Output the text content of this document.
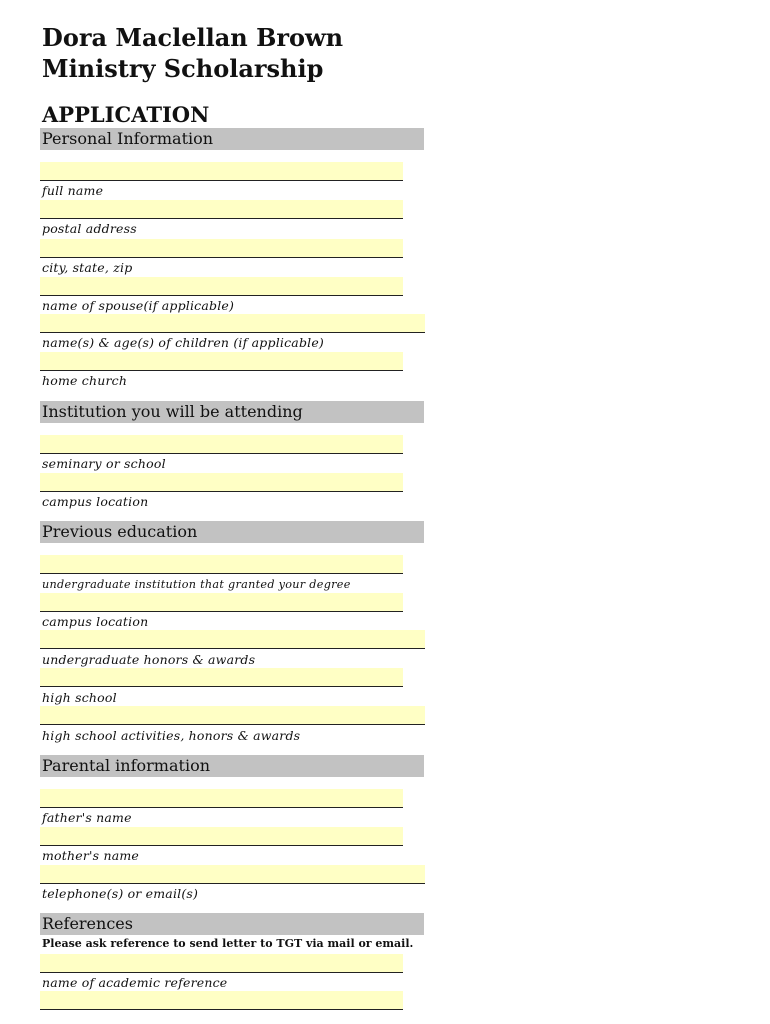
Dora Maclellan Brown
Ministry Scholarship
APPLICATION
Personal Information
full name
postal address
city, state, zip
name of spouse(if applicable)
name(s) & age(s) of children (if applicable)
home church
Institution you will be attending
seminary or school
campus location
Previous education
undergraduate institution that granted your degree
campus location
undergraduate honors & awards
high school
high school activities, honors & awards
Parental information
father's name
mother's name
telephone(s) or email(s)
References
Please ask reference to send letter to TGT via mail or email.
name of academic reference
